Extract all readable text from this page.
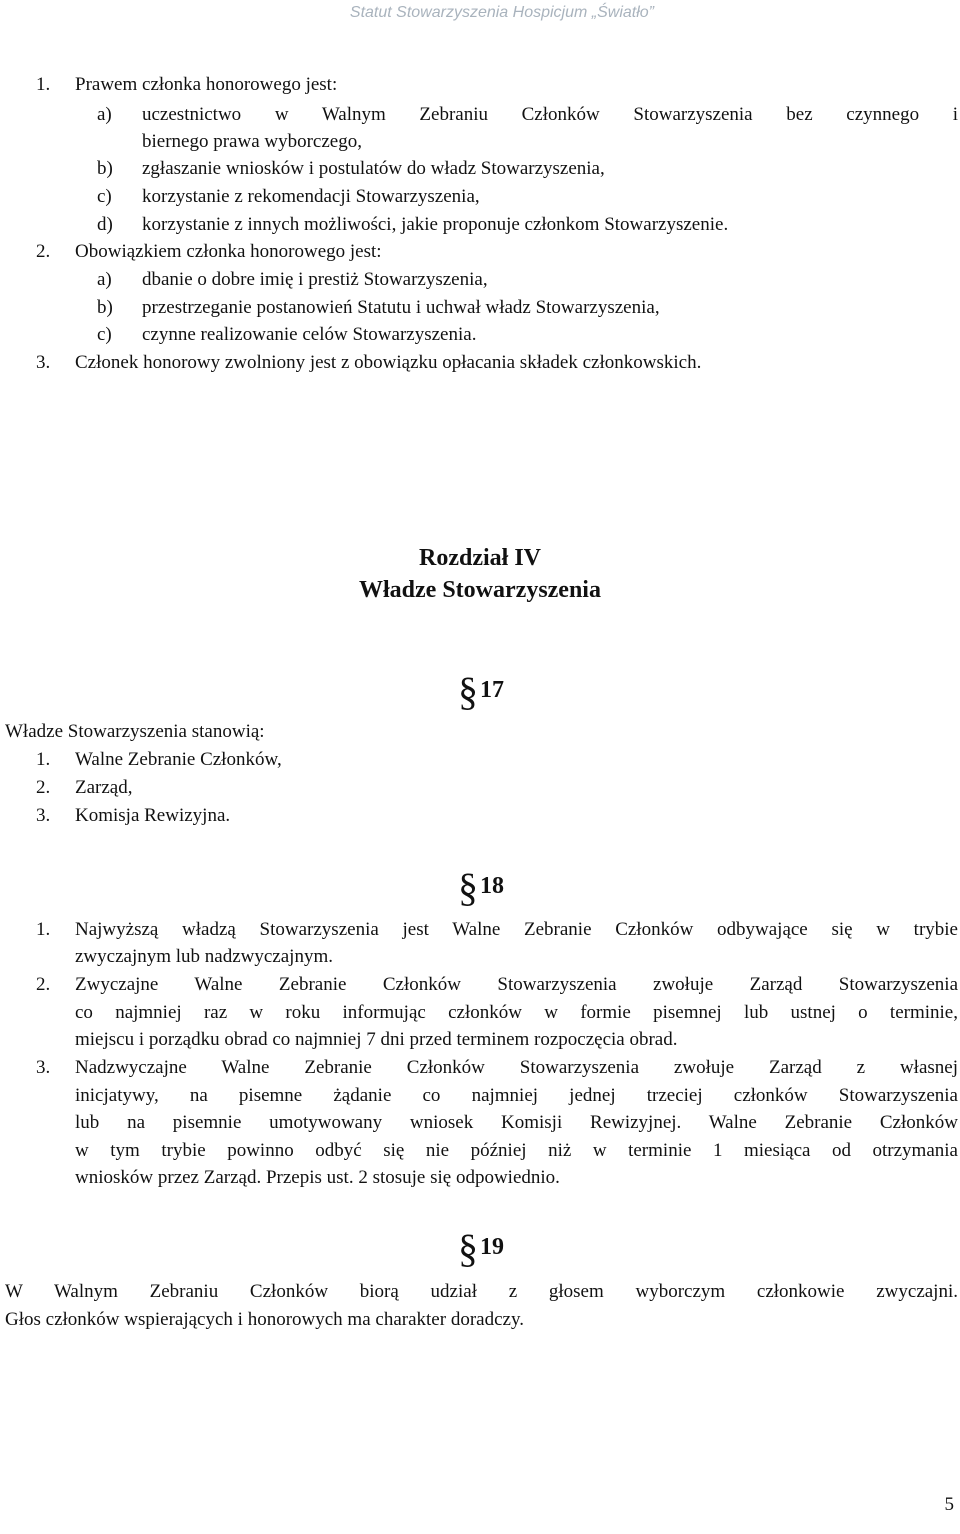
Statut Stowarzyszenia Hospicjum „Światło”
1. Prawem członka honorowego jest:
a) uczestnictwo w Walnym Zebraniu Członków Stowarzyszenia bez czynnego i
biernego prawa wyborczego,
b) zgłaszanie wniosków i postulatów do władz Stowarzyszenia,
c) korzystanie z rekomendacji Stowarzyszenia,
d) korzystanie z innych możliwości, jakie proponuje członkom Stowarzyszenie.
2. Obowiązkiem członka honorowego jest:
a) dbanie o dobre imię i prestiż Stowarzyszenia,
b) przestrzeganie postanowień Statutu i uchwał władz Stowarzyszenia,
c) czynne realizowanie celów Stowarzyszenia.
3. Członek honorowy zwolniony jest z obowiązku opłacania składek członkowskich.
Rozdział IV
Władze Stowarzyszenia
§17
Władze Stowarzyszenia stanowią:
1. Walne Zebranie Członków,
2. Zarząd,
3. Komisja Rewizyjna.
§18
1. Najwyższą władzą Stowarzyszenia jest Walne Zebranie Członków odbywające się w trybie
zwyczajnym lub nadzwyczajnym.
2. Zwyczajne Walne Zebranie Członków Stowarzyszenia zwołuje Zarząd Stowarzyszenia
co najmniej raz w roku informując członków w formie pisemnej lub ustnej o terminie,
miejscu i porządku obrad co najmniej 7 dni przed terminem rozpoczęcia obrad.
3. Nadzwyczajne Walne Zebranie Członków Stowarzyszenia zwołuje Zarząd z własnej
inicjatywy, na pisemne żądanie co najmniej jednej trzeciej członków Stowarzyszenia
lub na pisemnie umotywowany wniosek Komisji Rewizyjnej. Walne Zebranie Członków
w tym trybie powinno odbyć się nie później niż w terminie 1 miesiąca od otrzymania
wniosków przez Zarząd. Przepis ust. 2 stosuje się odpowiednio.
§19
W Walnym Zebraniu Członków biorą udział z głosem wyborczym członkowie zwyczajni.
Głos członków wspierających i honorowych ma charakter doradczy.
5
